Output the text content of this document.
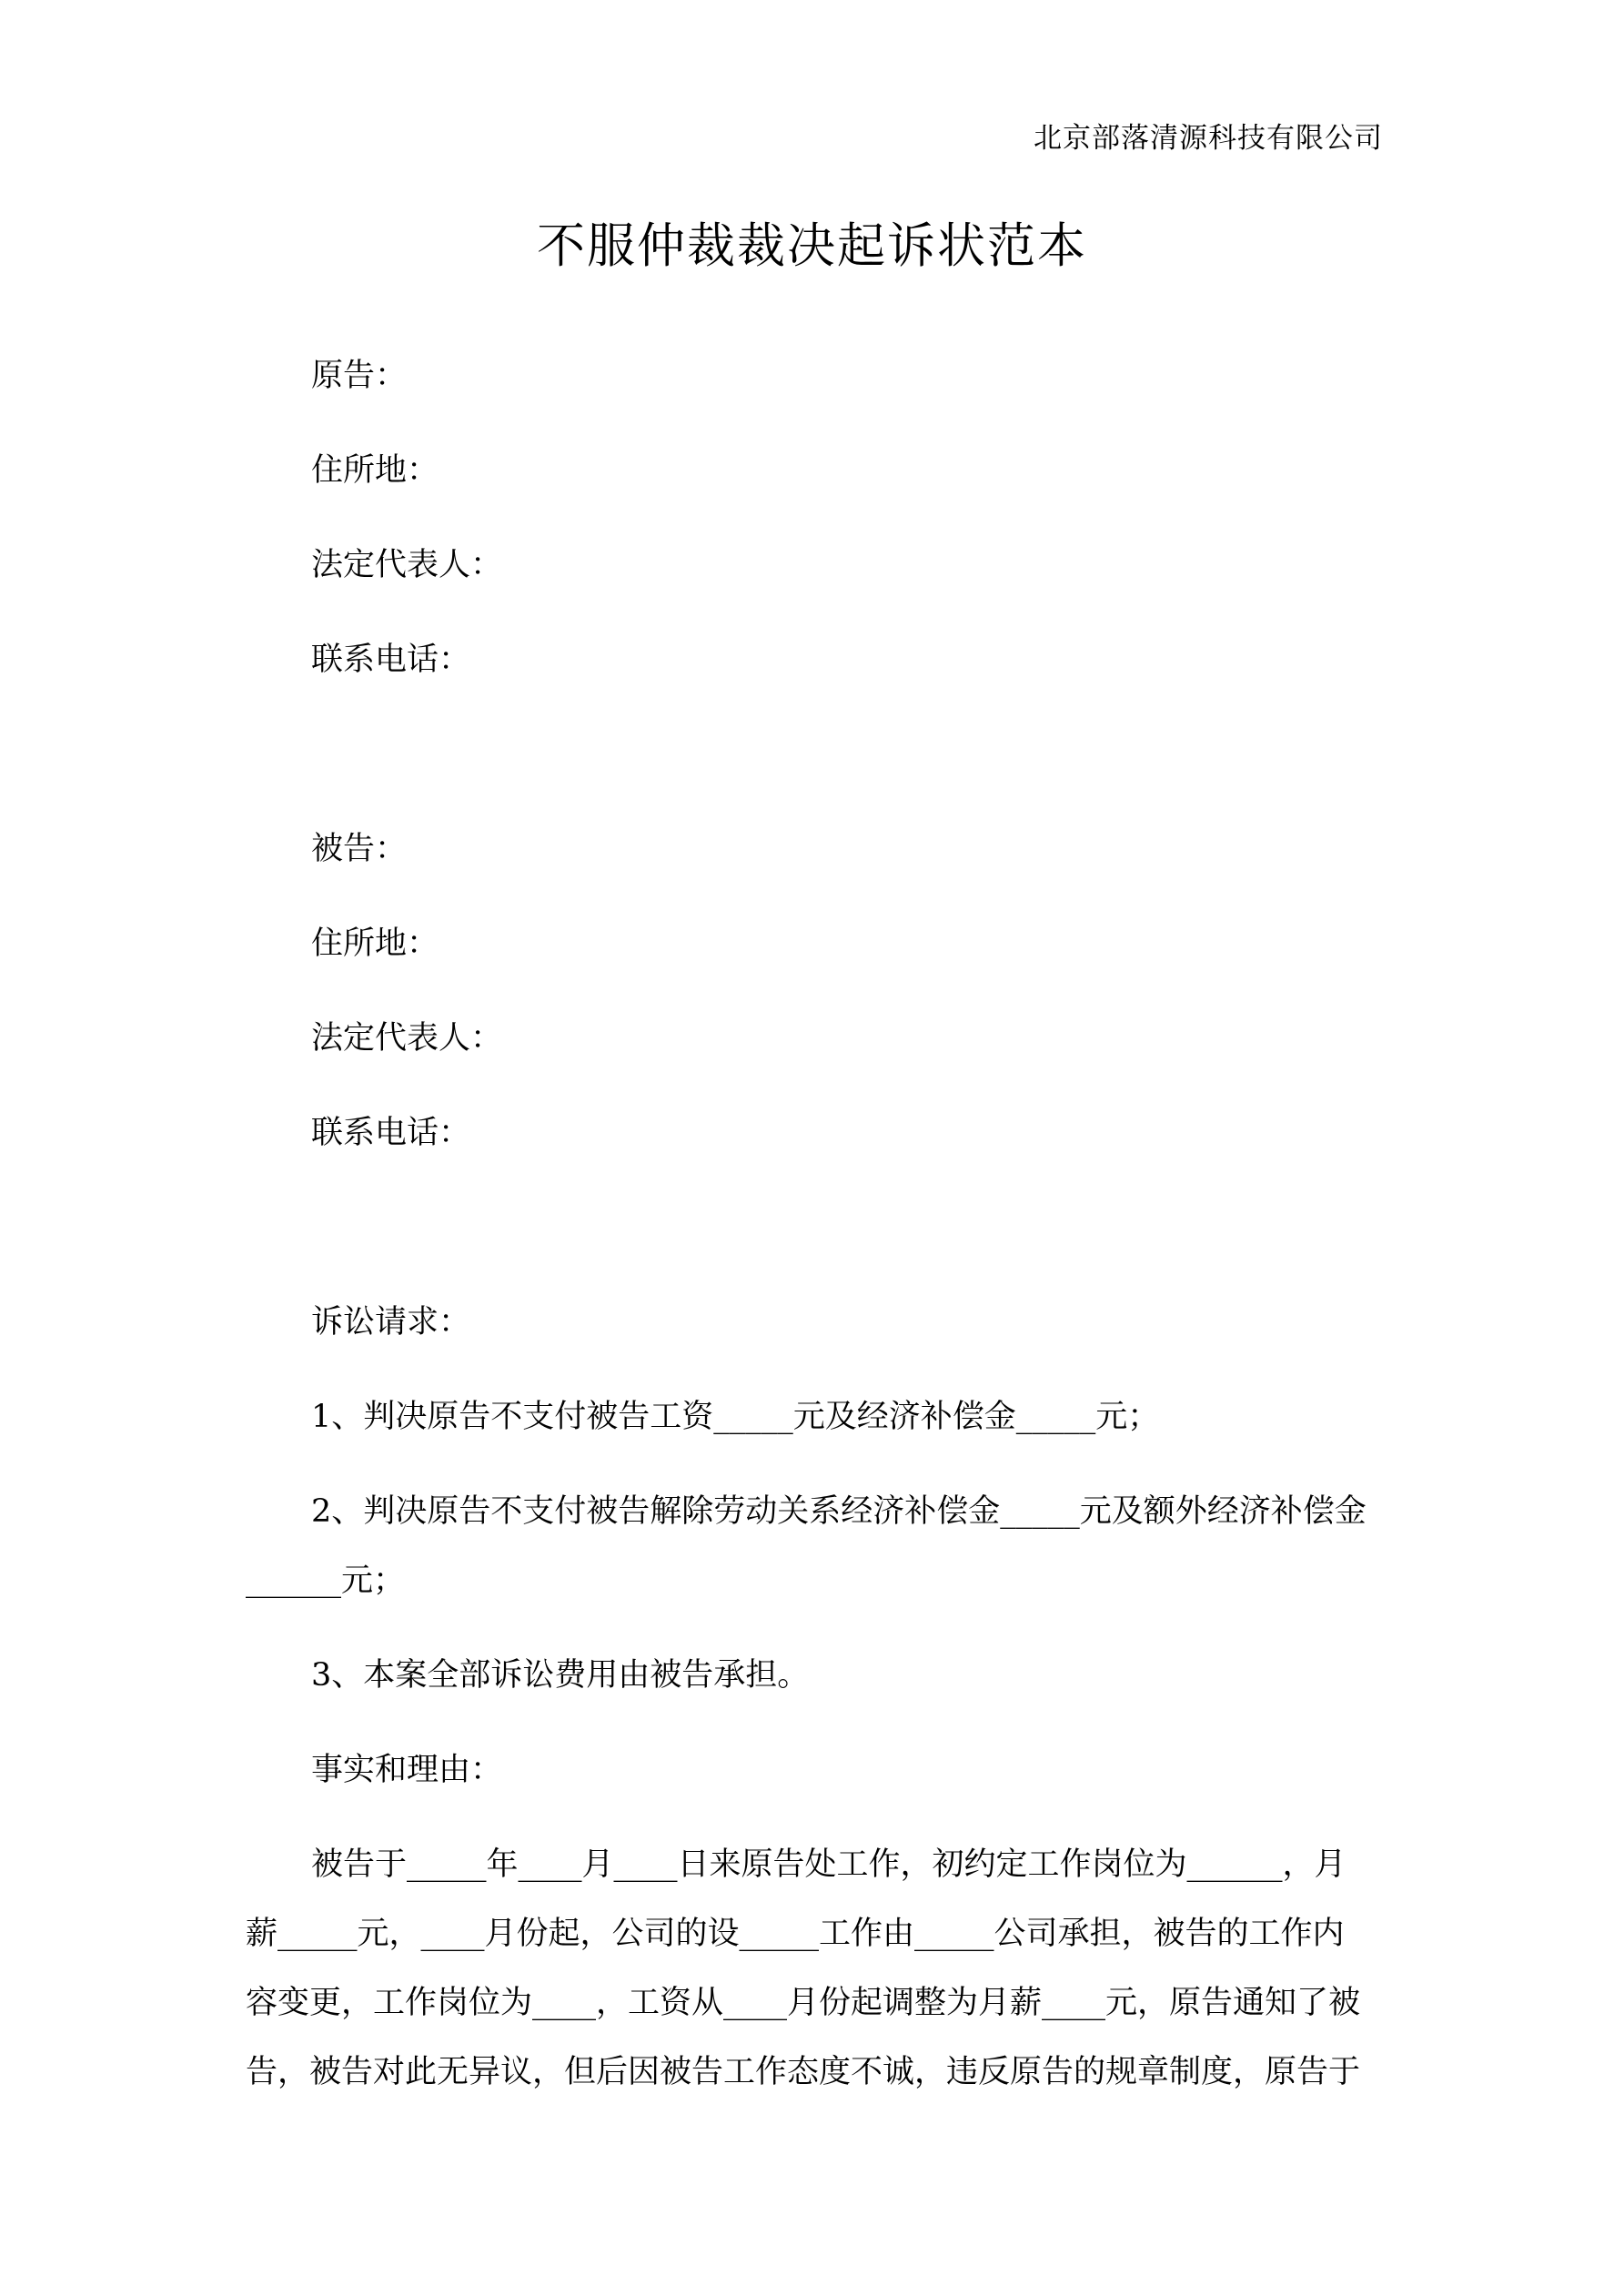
北京部落清源科技有限公司
不服仲裁裁决起诉状范本
原告：
住所地：
法定代表人：
联系电话：
被告：
住所地：
法定代表人：
联系电话：
诉讼请求：
1、判决原告不支付被告工资_____元及经济补偿金_____元；
2、判决原告不支付被告解除劳动关系经济补偿金_____元及额外经济补偿金
______元；
3、本案全部诉讼费用由被告承担。
事实和理由：
被告于_____年____月____日来原告处工作，初约定工作岗位为______，月
薪_____元，____月份起，公司的设_____工作由_____公司承担，被告的工作内
容变更，工作岗位为____，工资从____月份起调整为月薪____元，原告通知了被
告，被告对此无异议，但后因被告工作态度不诚，违反原告的规章制度，原告于
